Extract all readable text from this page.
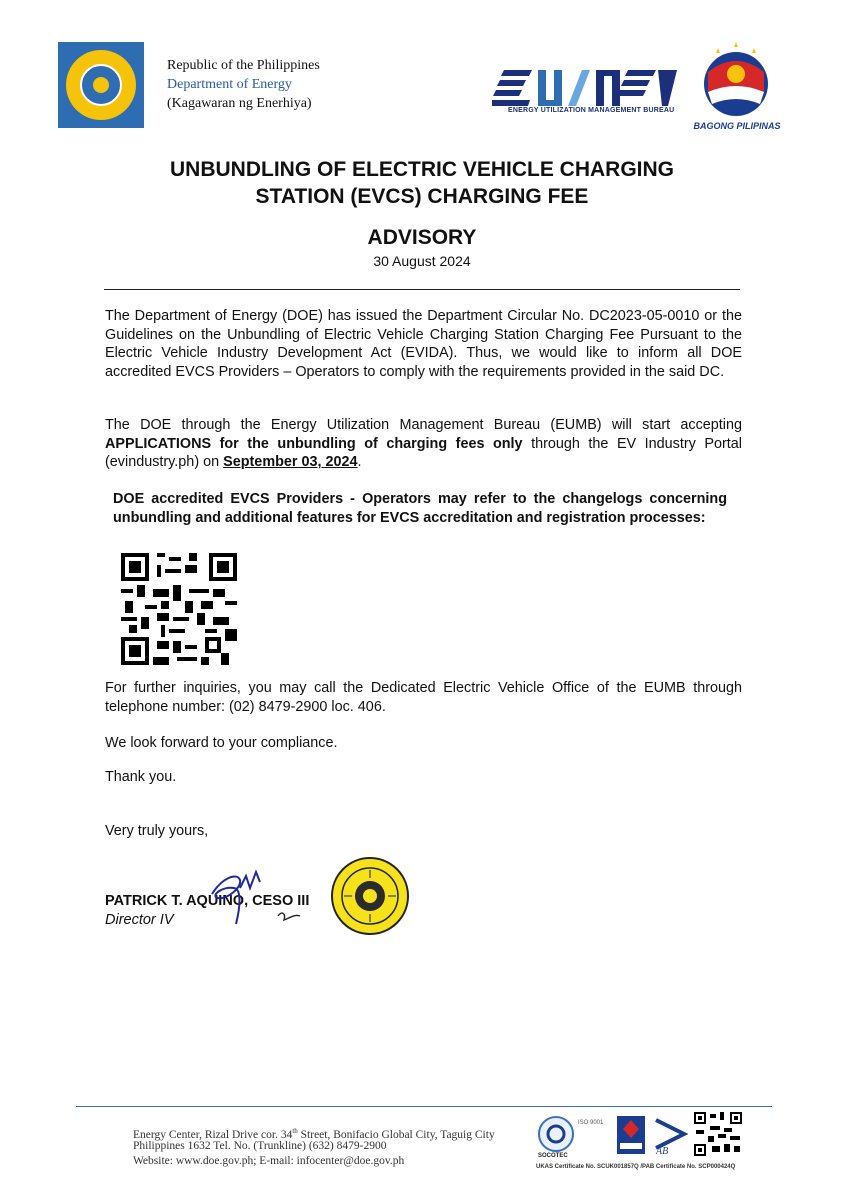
Republic of the Philippines
Department of Energy
(Kagawaran ng Enerhiya)	ENERGY UTILIZATION MANAGEMENT BUREAU
BAGONG PILIPINAS
UNBUNDLING OF ELECTRIC VEHICLE CHARGING
STATION (EVCS) CHARGING FEE
ADVISORY
30 August 2024
The Department of Energy (DOE) has issued the Department Circular No. DC2023-05-0010 or the Guidelines on the Unbundling of Electric Vehicle Charging Station Charging Fee Pursuant to the Electric Vehicle Industry Development Act (EVIDA). Thus, we would like to inform all DOE accredited EVCS Providers – Operators to comply with the requirements provided in the said DC.
The DOE through the Energy Utilization Management Bureau (EUMB) will start accepting APPLICATIONS for the unbundling of charging fees only through the EV Industry Portal (evindustry.ph) on September 03, 2024.
DOE accredited EVCS Providers - Operators may refer to the changelogs concerning unbundling and additional features for EVCS accreditation and registration processes:
For further inquiries, you may call the Dedicated Electric Vehicle Office of the EUMB through telephone number: (02) 8479-2900 loc. 406.
We look forward to your compliance.
Thank you.
Very truly yours,
PATRICK T. AQUINO, CESO III
Director IV
Energy Center, Rizal Drive cor. 34th Street, Bonifacio Global City, Taguig City
Philippines 1632 Tel. No. (Trunkline) (632) 8479-2900
Website: www.doe.gov.ph; E-mail: infocenter@doe.gov.ph	SOCOTEC
ISO 9001
AB
UKAS Certificate No. SCUK001857Q /PAB Certificate No. SCP000424Q
